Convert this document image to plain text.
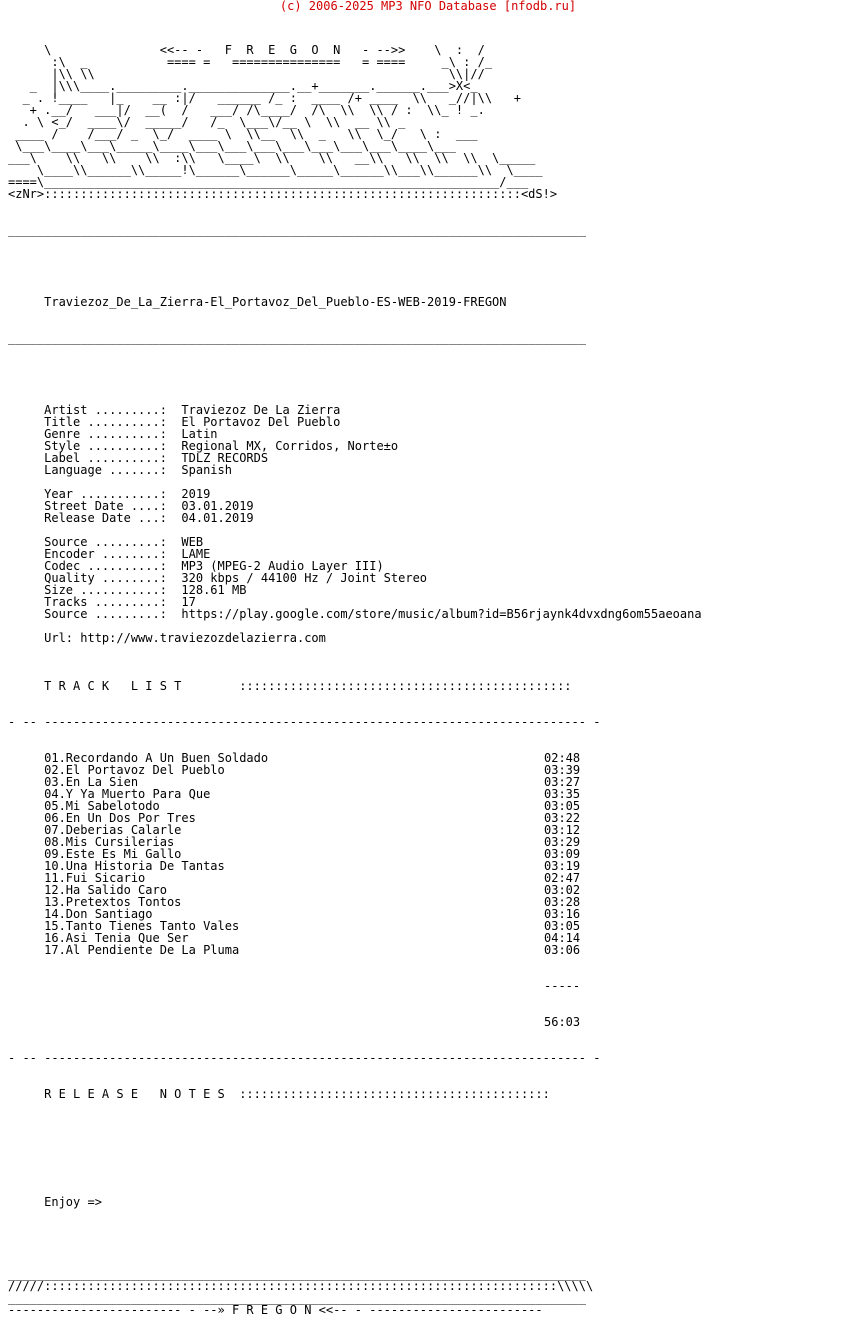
(c) 2006-2025 MP3 NFO Database [nfodb.ru]

\               <<-- -   F  R  E  G  O  N   - -->>    \  :  /
:\  _           ==== =   ===============   = ====     _\ : /_
|\\ \\                                                 \\|//
_  |\\\____._________.______________.__+_______.______.___>X<_
_ . !____   |_    __ :|/   ______ /_ :  ____ /+ ____  \\   _//|\\   +
+ .__/   ___|/  __(  /   ___/ /\____/  /\  \\  \\ / :  \\_ ! _.
. \ <_/  ____\/  _____/   /_  \___\/__ \  \\  __ \\ _
____ /    /___/ _  \_/  ____ \  \\__  \\  _   \\  \_/   \ :  ___
\___\____\___\_____\____\___\___\___\___\___\___\___\____\___
___\    \\   \\    \\  :\\   \____\  \\    \\   __\\   \\  \\  \\  \_____
\____\\______\\_____!\______\______\_____\______\\___\\______\\  \____
====\_______________________________________________________________/___
<zNr>::::::::::::::::::::::::::::::::::::::::::::::::::::::::::::::::::<dS!>

________________________________________________________________________________

Traviezoz_De_La_Zierra-El_Portavoz_Del_Pueblo-ES-WEB-2019-FREGON

________________________________________________________________________________

Artist .........:  Traviezoz De La Zierra
Title ..........:  El Portavoz Del Pueblo
Genre ..........:  Latin
Style ..........:  Regional MX, Corridos, Norte±o
Label ..........:  TDLZ RECORDS
Language .......:  Spanish
Year ...........:  2019
Street Date ....:  03.01.2019
Release Date ...:  04.01.2019
Source .........:  WEB
Encoder ........:  LAME
Codec ..........:  MP3 (MPEG-2 Audio Layer III)
Quality ........:  320 kbps / 44100 Hz / Joint Stereo
Size ...........:  128.61 MB
Tracks .........:  17
Source .........:  https://play.google.com/store/music/album?id=B56rjaynk4dvxdng6om55aeoana
Url: http://www.traviezozdelazierra.com

T R A C K   L I S T        ::::::::::::::::::::::::::::::::::::::::::::::

- -- --------------------------------------------------------------------------- -

01.Recordando A Un Buen Soldado	02:48
02.El Portavoz Del Pueblo	03:39
03.En La Sien	03:27
04.Y Ya Muerto Para Que	03:35
05.Mi Sabelotodo	03:05
06.En Un Dos Por Tres	03:22
07.Deberias Calarle	03:12
08.Mis Cursilerias	03:29
09.Este Es Mi Gallo	03:09
10.Una Historia De Tantas	03:19
11.Fui Sicario	02:47
12.Ha Salido Caro	03:02
13.Pretextos Tontos	03:28
14.Don Santiago	03:16
15.Tanto Tienes Tanto Vales	03:05
16.Asi Tenia Que Ser	04:14
17.Al Pendiente De La Pluma	03:06

-----

56:03

- -- --------------------------------------------------------------------------- -

R E L E A S E   N O T E S  :::::::::::::::::::::::::::::::::::::::::::

Enjoy =>

________________________________________________________________________________
/////:::::::::::::::::::::::::::::::::::::::::::::::::::::::::::::::::::::::\\\\\
________________________________________________________________________________
------------------------ - --» F R E G O N <<-- - ------------------------
